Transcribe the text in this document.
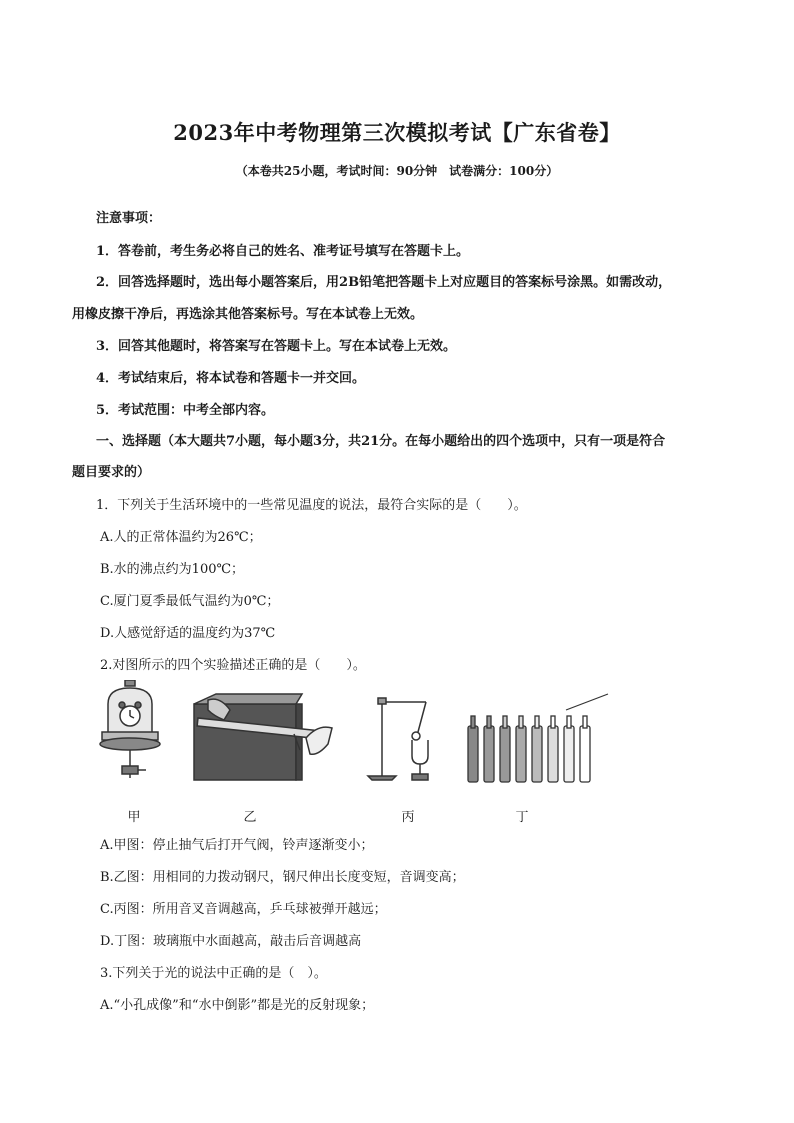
2023年中考物理第三次模拟考试【广东省卷】
（本卷共25小题，考试时间：90分钟　试卷满分：100分）
注意事项：
1．答卷前，考生务必将自己的姓名、准考证号填写在答题卡上。
2．回答选择题时，选出每小题答案后，用2B铅笔把答题卡上对应题目的答案标号涂黑。如需改动，
用橡皮擦干净后，再选涂其他答案标号。写在本试卷上无效。
3．回答其他题时，将答案写在答题卡上。写在本试卷上无效。
4．考试结束后，将本试卷和答题卡一并交回。
5．考试范围：中考全部内容。
一、选择题（本大题共7小题，每小题3分，共21分。在每小题给出的四个选项中，只有一项是符合
题目要求的）
1．下列关于生活环境中的一些常见温度的说法，最符合实际的是（　　）。
A.人的正常体温约为26℃；
B.水的沸点约为100℃；
C.厦门夏季最低气温约为0℃；
D.人感觉舒适的温度约为37℃
2.对图所示的四个实验描述正确的是（　　）。
甲	乙	丙	丁
A.甲图：停止抽气后打开气阀，铃声逐渐变小；
B.乙图：用相同的力拨动钢尺，钢尺伸出长度变短，音调变高；
C.丙图：所用音叉音调越高，乒乓球被弹开越远；
D.丁图：玻璃瓶中水面越高，敲击后音调越高
3.下列关于光的说法中正确的是（　）。
A.“小孔成像”和“水中倒影”都是光的反射现象；
